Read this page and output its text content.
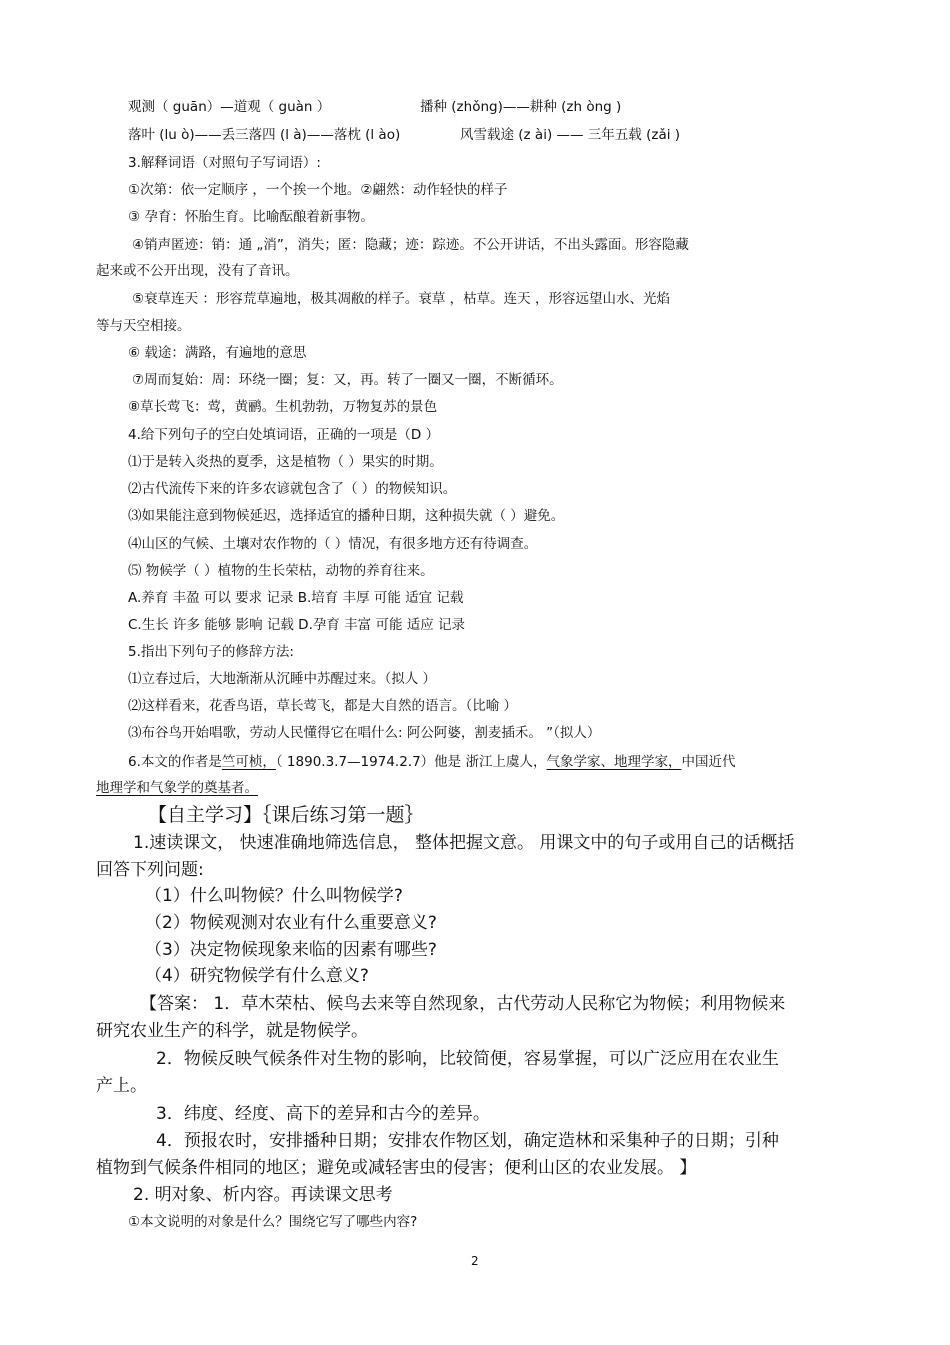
观测（ guān）—道观（ guàn ）	播种 (zhǒng)——耕种 (zh òng )
落叶 (lu ò)——丢三落四 (l à)——落枕 (l ào)	风雪载途 (z ài) —— 三年五载 (zǎi )
3.解释词语（对照句子写词语）:
①次第：依一定顺序 ，一个挨一个地。②翩然：动作轻快的样子
③ 孕育：怀胎生育。比喻酝酿着新事物。
④销声匿迹：销：通 „消”，消失；匿：隐藏；迹：踪迹。不公开讲话，不出头露面。形容隐藏
起来或不公开出现，没有了音讯。
⑤衰草连天 ：形容荒草遍地，极其凋敝的样子。衰草 ，枯草。连天 ，形容远望山水、光焰
等与天空相接。
⑥ 载途：满路，有遍地的意思
⑦周而复始：周：环绕一圈；复：又，再。转了一圈又一圈，不断循环。
⑧草长莺飞：莺，黄鹂。生机勃勃，万物复苏的景色
4.给下列句子的空白处填词语，正确的一项是（D ）
⑴于是转入炎热的夏季，这是植物（ ）果实的时期。
⑵古代流传下来的许多农谚就包含了（ ）的物候知识。
⑶如果能注意到物候延迟，选择适宜的播种日期，这种损失就（ ）避免。
⑷山区的气候、土壤对农作物的（ ）情况，有很多地方还有待调查。
⑸ 物候学（ ）植物的生长荣枯，动物的养育往来。
A.养育 丰盈 可以 要求 记录 B.培育 丰厚 可能 适宜 记载
C.生长 许多 能够 影响 记载 D.孕育 丰富 可能 适应 记录
5.指出下列句子的修辞方法:
⑴立春过后，大地渐渐从沉睡中苏醒过来。（拟人 ）
⑵这样看来，花香鸟语，草长莺飞，都是大自然的语言。（比喻 ）
⑶布谷鸟开始唱歌，劳动人民懂得它在唱什么: 阿公阿婆，割麦插禾。 ”（拟人）
6.本文的作者是竺可桢，（ 1890.3.7—1974.2.7）他是 浙江上虞人，气象学家、地理学家，中国近代
地理学和气象学的奠基者。
【自主学习】｛课后练习第一题｝
1.速读课文， 快速准确地筛选信息， 整体把握文意。 用课文中的句子或用自己的话概括
回答下列问题:
（1）什么叫物候？什么叫物候学?
（2）物候观测对农业有什么重要意义?
（3）决定物候现象来临的因素有哪些?
（4）研究物候学有什么意义?
【答案： 1．草木荣枯、候鸟去来等自然现象，古代劳动人民称它为物候；利用物候来
研究农业生产的科学，就是物候学。
2．物候反映气候条件对生物的影响，比较简便，容易掌握，可以广泛应用在农业生
产上。
3．纬度、经度、高下的差异和古今的差异。
4．预报农时，安排播种日期；安排农作物区划，确定造林和采集种子的日期；引种
植物到气候条件相同的地区；避免或减轻害虫的侵害；便利山区的农业发展。 】
2. 明对象、析内容。再读课文思考
①本文说明的对象是什么？围绕它写了哪些内容?
2
